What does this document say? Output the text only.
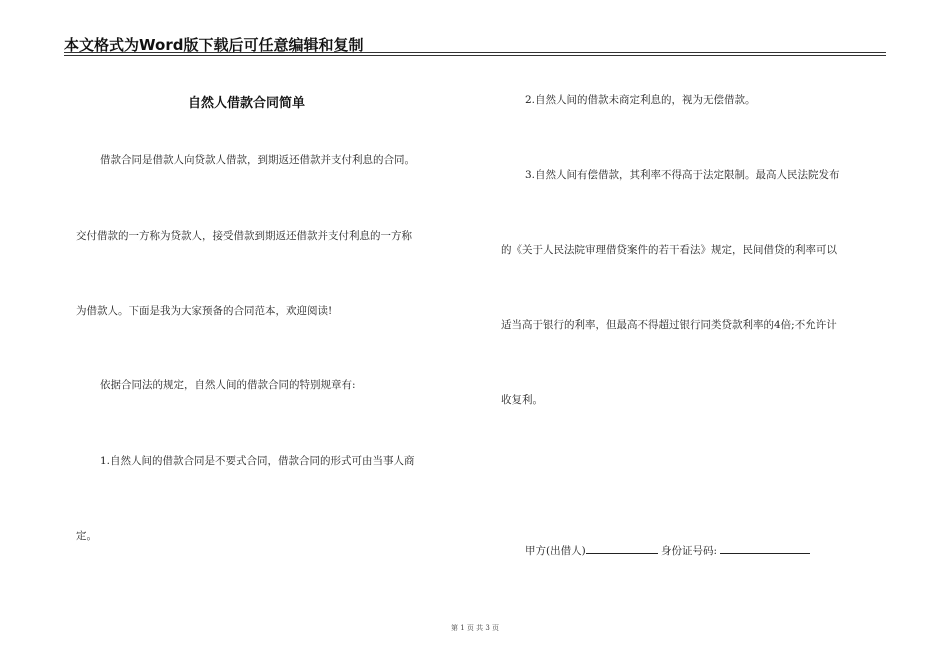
本文格式为Word版下载后可任意编辑和复制
自然人借款合同简单
借款合同是借款人向贷款人借款，到期返还借款并支付利息的合同。
交付借款的一方称为贷款人，接受借款到期返还借款并支付利息的一方称
为借款人。下面是我为大家预备的合同范本，欢迎阅读!
依据合同法的规定，自然人间的借款合同的特别规章有:
1.自然人间的借款合同是不要式合同，借款合同的形式可由当事人商
定。
2.自然人间的借款未商定利息的，视为无偿借款。
3.自然人间有偿借款，其利率不得高于法定限制。最高人民法院发布
的《关于人民法院审理借贷案件的若干看法》规定，民间借贷的利率可以
适当高于银行的利率，但最高不得超过银行同类贷款利率的4倍;不允许计
收复利。
甲方(出借人)	身份证号码:
第 1 页 共 3 页
